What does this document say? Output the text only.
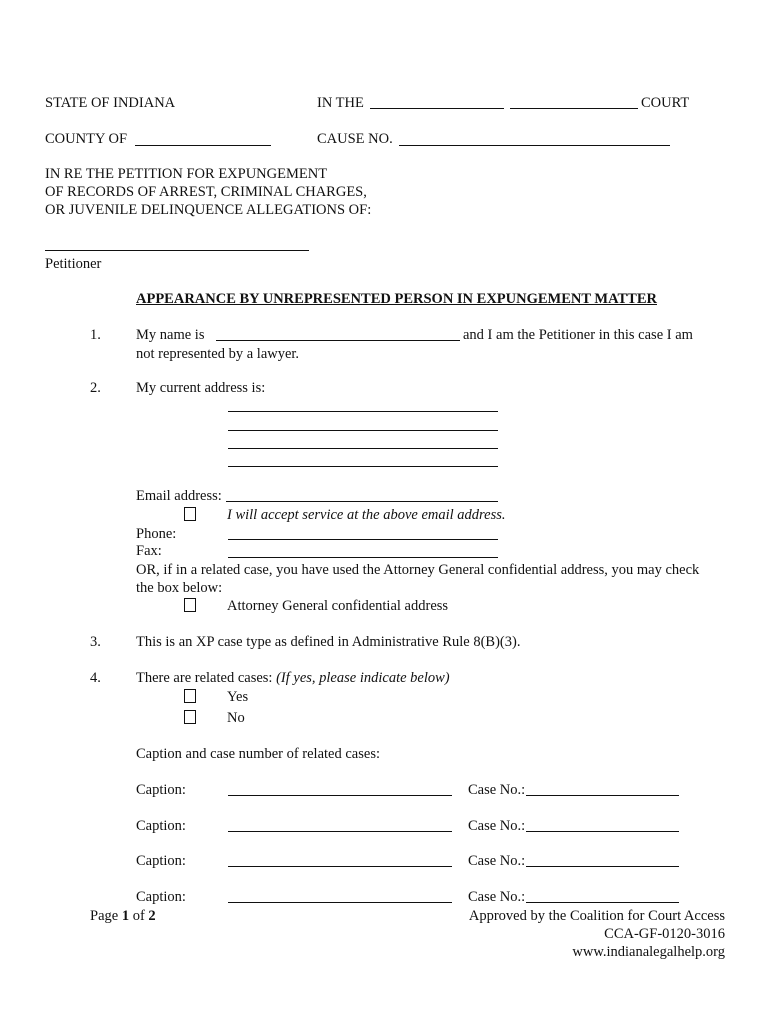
STATE OF INDIANA	IN THE	COURT
COUNTY OF	CAUSE NO.
IN RE THE PETITION FOR EXPUNGEMENT
OF RECORDS OF ARREST, CRIMINAL CHARGES,
OR JUVENILE DELINQUENCE ALLEGATIONS OF:
Petitioner
APPEARANCE BY UNREPRESENTED PERSON IN EXPUNGEMENT MATTER
1. My name is	and I am the Petitioner in this case I am
not represented by a lawyer.
2. My current address is:
Email address:
I will accept service at the above email address.
Phone:
Fax:
OR, if in a related case, you have used the Attorney General confidential address, you may check
the box below:
Attorney General confidential address
3. This is an XP case type as defined in Administrative Rule 8(B)(3).
4. There are related cases: (If yes, please indicate below)
Yes
No
Caption and case number of related cases:
Caption:	Case No.:
Caption:	Case No.:
Caption:	Case No.:
Caption:	Case No.:
Page 1 of 2	Approved by the Coalition for Court Access
CCA-GF-0120-3016
www.indianalegalhelp.org
